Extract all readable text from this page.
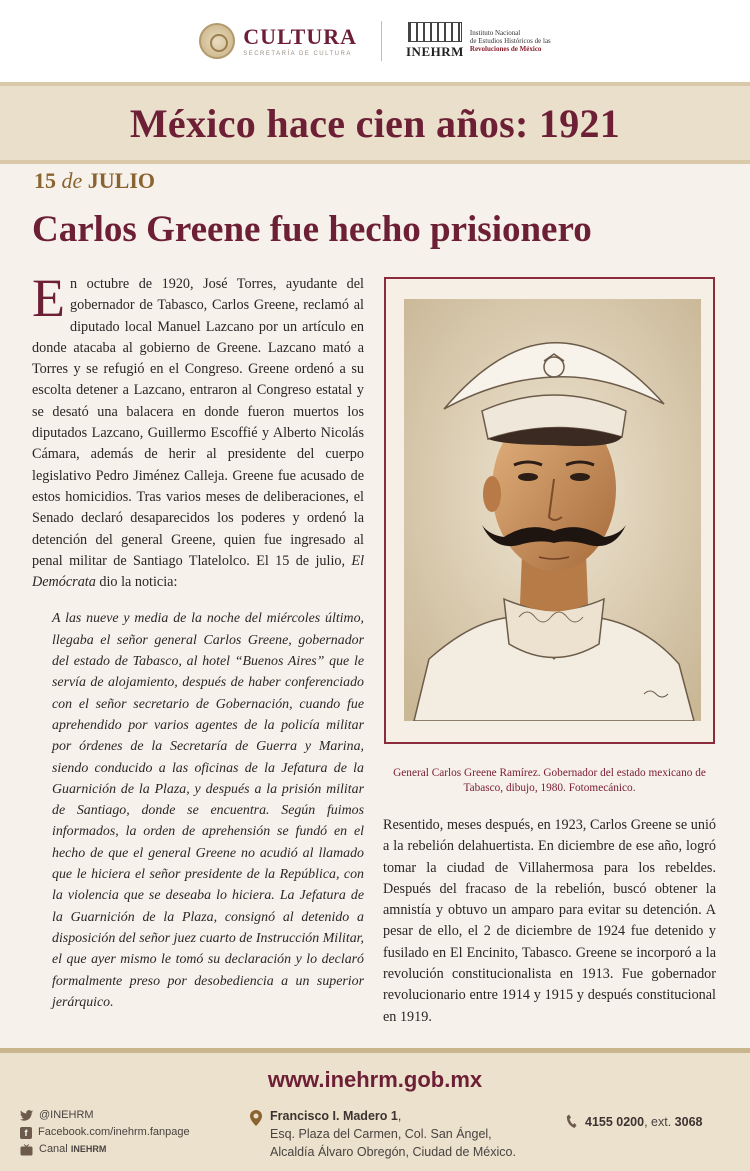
CULTURA
SECRETARÍA DE CULTURA	INEHRM
Instituto Nacional
de Estudios Históricos de las
Revoluciones de México
México hace cien años: 1921
15 de JULIO
Carlos Greene fue hecho prisionero

En octubre de 1920, José Torres, ayudante del gobernador de Tabasco, Carlos Greene, reclamó al diputado local Manuel Lazcano por un artículo en donde atacaba al gobierno de Greene. Lazcano mató a Torres y se refugió en el Congreso. Greene ordenó a su escolta detener a Lazcano, entraron al Congreso estatal y se desató una balacera en donde fueron muertos los diputados Lazcano, Guillermo Escoffié y Alberto Nicolás Cámara, además de herir al presidente del cuerpo legislativo Pedro Jiménez Calleja. Greene fue acusado de estos homicidios. Tras varios meses de deliberaciones, el Senado declaró desaparecidos los poderes y ordenó la detención del general Greene, quien fue ingresado al penal militar de Santiago Tlatelolco. El 15 de julio, El Demócrata dio la noticia:

A las nueve y media de la noche del miércoles último, llegaba el señor general Carlos Greene, gobernador del estado de Tabasco, al hotel “Buenos Aires” que le servía de alojamiento, después de haber conferenciado con el señor secretario de Gobernación, cuando fue aprehendido por varios agentes de la policía militar por órdenes de la Secretaría de Guerra y Marina, siendo conducido a las oficinas de la Jefatura de la Guarnición de la Plaza, y después a la prisión militar de Santiago, donde se encuentra. Según fuimos informados, la orden de aprehensión se fundó en el hecho de que el general Greene no acudió al llamado que le hiciera el señor presidente de la República, con la violencia que se deseaba lo hiciera. La Jefatura de la Guarnición de la Plaza, consignó al detenido a disposición del señor juez cuarto de Instrucción Militar, el que ayer mismo le tomó su declaración y lo declaró formalmente preso por desobediencia a un superior jerárquico.

General Carlos Greene Ramírez. Gobernador del estado mexicano de Tabasco, dibujo, 1980. Fotomecánico.

Resentido, meses después, en 1923, Carlos Greene se unió a la rebelión delahuertista. En diciembre de ese año, logró tomar la ciudad de Villahermosa para los rebeldes. Después del fracaso de la rebelión, buscó obtener la amnistía y obtuvo un amparo para evitar su detención. A pesar de ello, el 2 de diciembre de 1924 fue detenido y fusilado en El Encinito, Tabasco. Greene se incorporó a la revolución constitucionalista en 1913. Fue gobernador revolucionario entre 1914 y 1915 y después constitucional en 1919.

www.inehrm.gob.mx
@INEHRM
f Facebook.com/inehrm.fanpage
Canal INEHRM
Francisco I. Madero 1,
Esq. Plaza del Carmen, Col. San Ángel,
Alcaldía Álvaro Obregón, Ciudad de México.
4155 0200, ext. 3068
